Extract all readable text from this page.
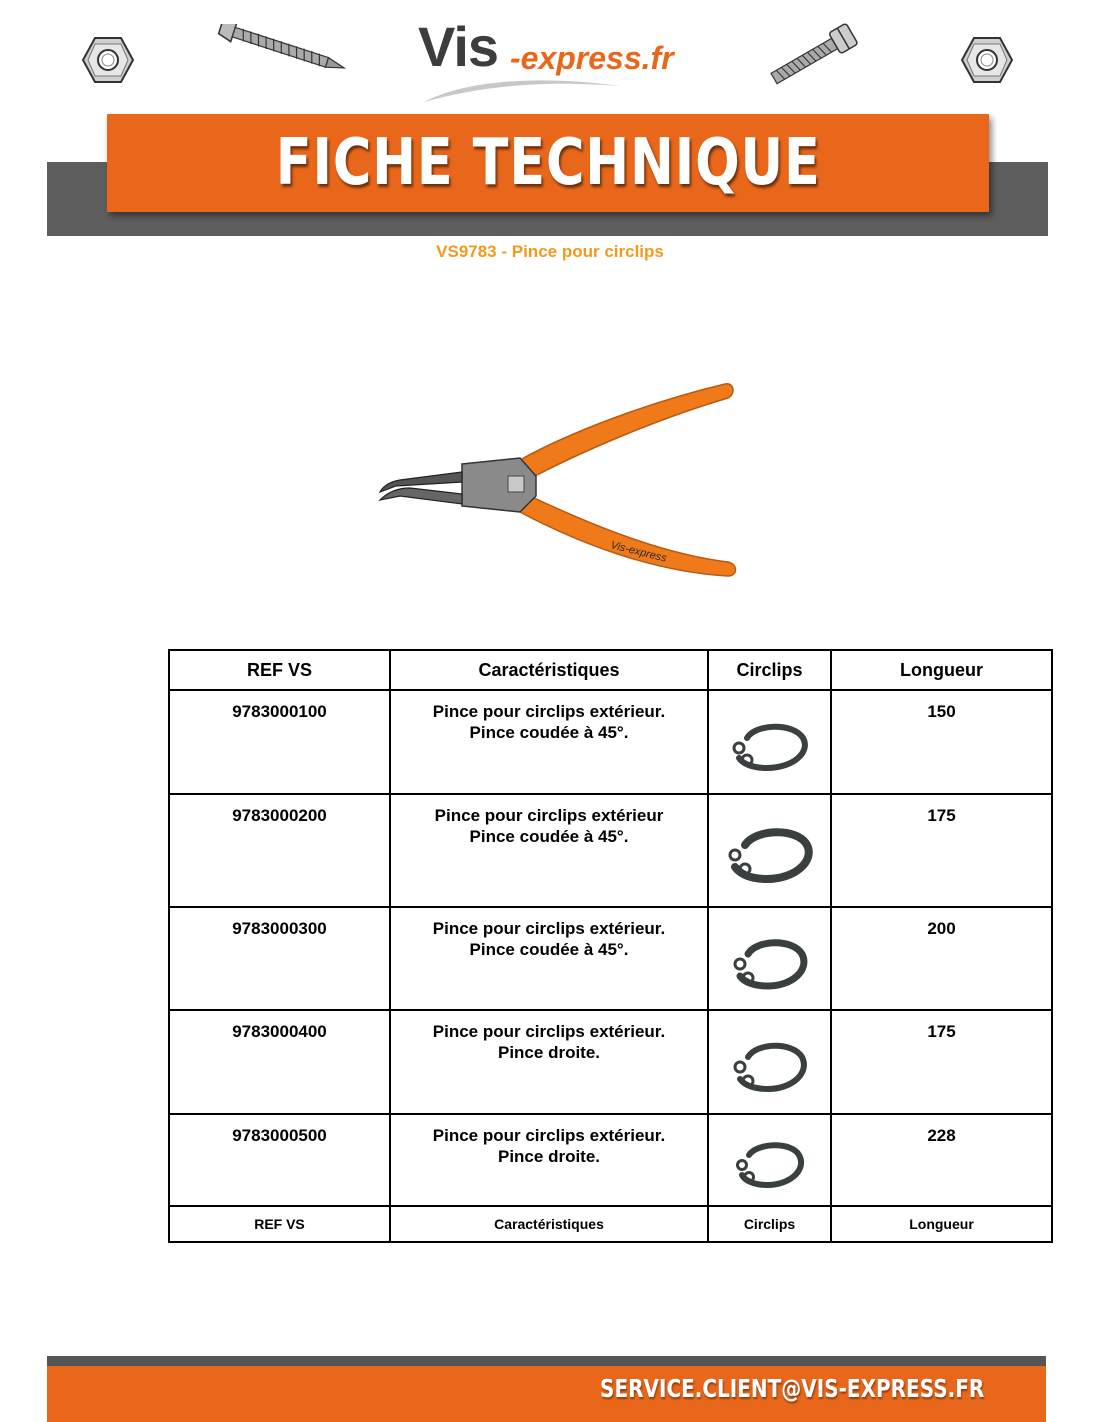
Vis -express.fr
FICHE TECHNIQUE
VS9783 - Pince pour circlips
Vis-express
REF VS	Caractéristiques	Circlips	Longueur
9783000100	Pince pour circlips extérieur.
Pince coudée à 45°.		150
9783000200	Pince pour circlips extérieur
Pince coudée à 45°.		175
9783000300	Pince pour circlips extérieur.
Pince coudée à 45°.		200
9783000400	Pince pour circlips extérieur.
Pince droite.		175
9783000500	Pince pour circlips extérieur.
Pince droite.		228
REF VS	Caractéristiques	Circlips	Longueur
SERVICE.CLIENT@VIS-EXPRESS.FR
